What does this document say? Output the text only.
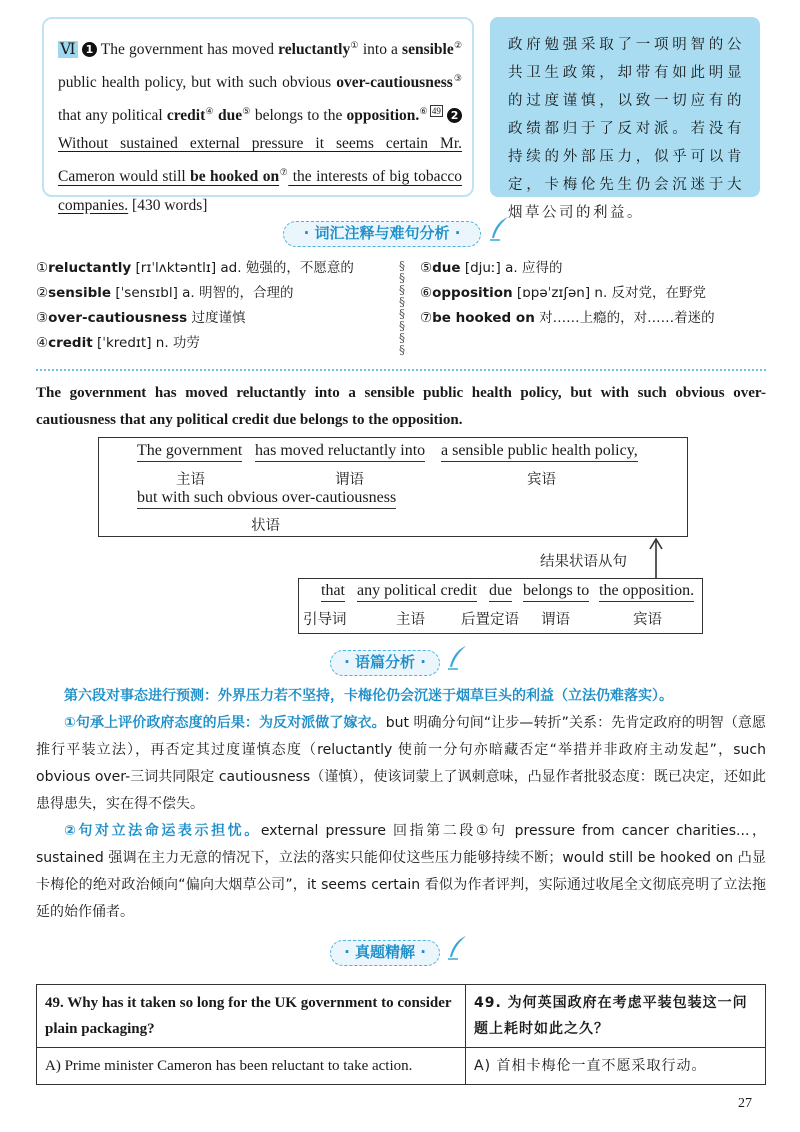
Ⅵ 1 The government has moved reluctantly① into a sensible② public health policy, but with such obvious over-cautiousness③ that any political credit④ due⑤ belongs to the opposition.⑥ $^{49}$ 2 Without sustained external pressure it seems certain Mr. Cameron would still be hooked on⑦ the interests of big tobacco companies. [430 words]
政府勉强采取了一项明智的公共卫生政策，却带有如此明显的过度谨慎，以致一切应有的政绩都归于了反对派。若没有持续的外部压力，似乎可以肯定，卡梅伦先生仍会沉迷于大烟草公司的利益。
· 词汇注释与难句分析 ·
①reluctantly [rɪˈlʌktəntlɪ] ad. 勉强的，不愿意的
②sensible [ˈsensɪbl] a. 明智的，合理的
③over-cautiousness 过度谨慎
④credit [ˈkredɪt] n. 功劳
§
§
§
§
§
§
§
§
⑤due [djuː] a. 应得的
⑥opposition [ɒpəˈzɪʃən] n. 反对党，在野党
⑦be hooked on 对……上瘾的，对……着迷的
The government has moved reluctantly into a sensible public health policy, but with such obvious over-cautiousness that any political credit due belongs to the opposition.
The government
主语
has moved reluctantly into
谓语
a sensible public health policy,
宾语
but with such obvious over-cautiousness
状语
结果状语从句
that
引导词
any political credit
主语
due
后置定语
belongs to
谓语
the opposition.
宾语
· 语篇分析 ·
第六段对事态进行预测：外界压力若不坚持，卡梅伦仍会沉迷于烟草巨头的利益（立法仍难落实）。
①句承上评价政府态度的后果：为反对派做了嫁衣。but 明确分句间“让步—转折”关系：先肯定政府的明智（意愿推行平装立法），再否定其过度谨慎态度（reluctantly 使前一分句亦暗藏否定“举措并非政府主动发起”，such obvious over-三词共同限定 cautiousness（谨慎），使该词蒙上了讽刺意味，凸显作者批驳态度：既已决定，还如此患得患失，实在得不偿失。
②句对立法命运表示担忧。external pressure 回指第二段①句 pressure from cancer charities...，sustained 强调在主力无意的情况下，立法的落实只能仰仗这些压力能够持续不断；would still be hooked on 凸显卡梅伦的绝对政治倾向“偏向大烟草公司”，it seems certain 看似为作者评判，实际通过收尾全文彻底亮明了立法拖延的始作俑者。
· 真题精解 ·
49. Why has it taken so long for the UK government to consider plain packaging?	49. 为何英国政府在考虑平装包装这一问题上耗时如此之久？
A) Prime minister Cameron has been reluctant to take action.	A) 首相卡梅伦一直不愿采取行动。
27
